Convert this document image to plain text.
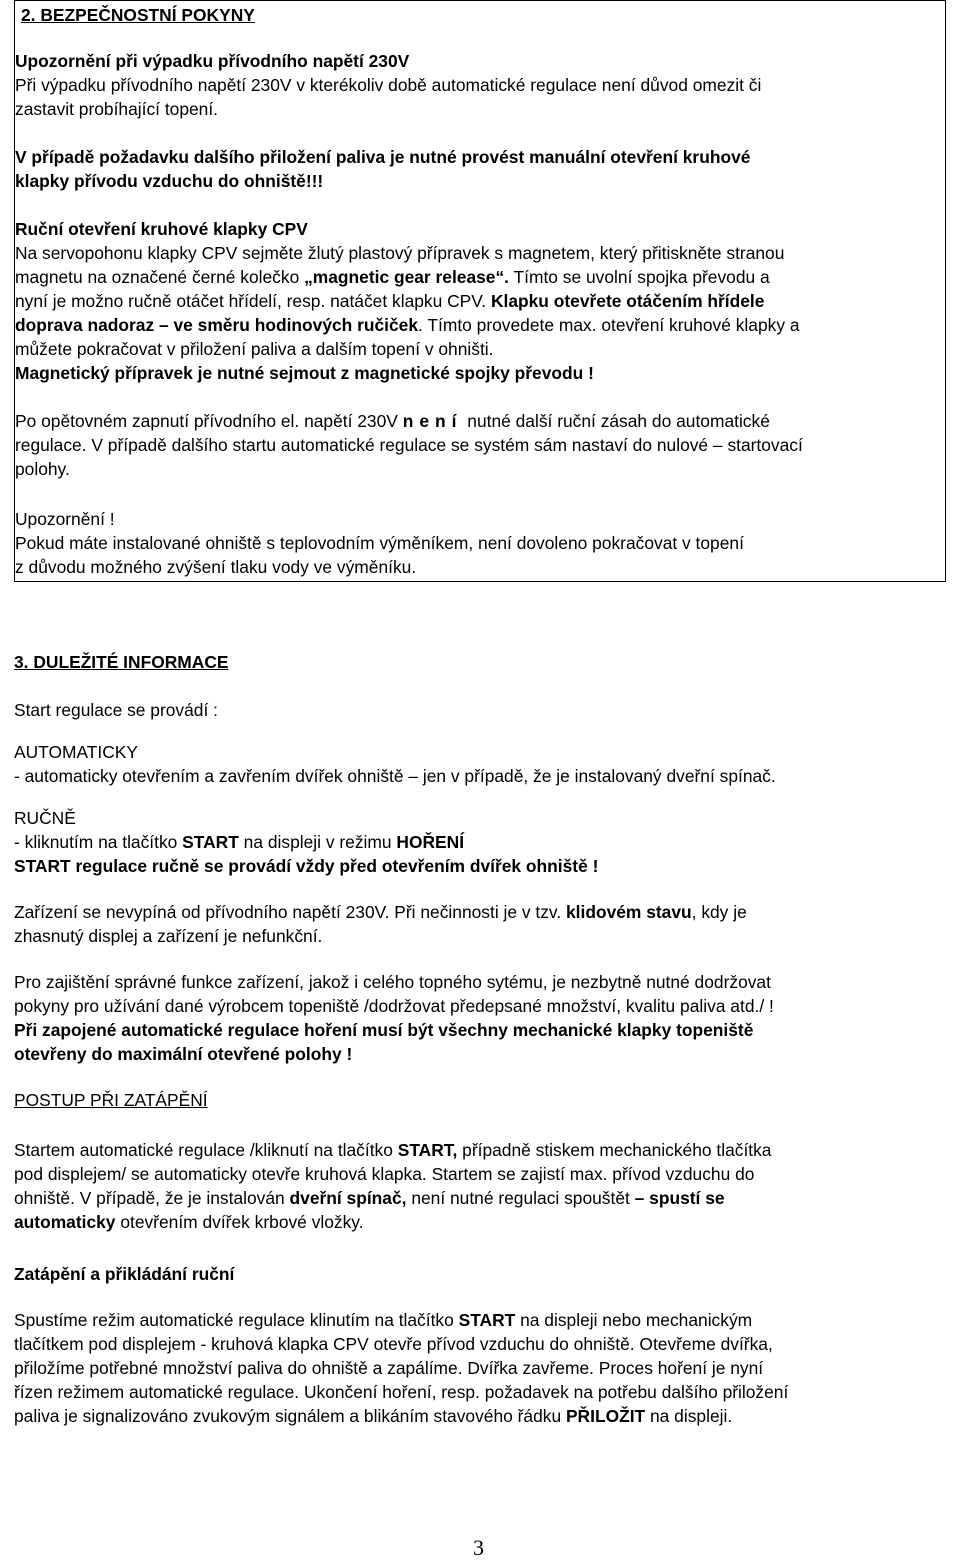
2. BEZPEČNOSTNÍ POKYNY
Upozornění při výpadku přívodního napětí 230V
Při výpadku přívodního napětí 230V v kterékoliv době automatické regulace není důvod omezit či
zastavit probíhající topení.
V případě požadavku dalšího přiložení paliva je nutné provést manuální otevření kruhové
klapky přívodu vzduchu do ohniště!!!
Ruční otevření kruhové klapky CPV
Na servopohonu klapky CPV sejměte žlutý plastový přípravek s magnetem, který přitiskněte stranou
magnetu na označené černé kolečko „magnetic gear release“. Tímto se uvolní spojka převodu a
nyní je možno ručně otáčet hřídelí, resp. natáčet klapku CPV. Klapku otevřete otáčením hřídele
doprava nadoraz – ve směru hodinových ručiček. Tímto provedete max. otevření kruhové klapky a
můžete pokračovat v přiložení paliva a dalším topení v ohništi.
Magnetický přípravek je nutné sejmout z magnetické spojky převodu !
Po opětovném zapnutí přívodního el. napětí 230V není nutné další ruční zásah do automatické
regulace. V případě dalšího startu automatické regulace se systém sám nastaví do nulové – startovací
polohy.
Upozornění !
Pokud máte instalované ohniště s teplovodním výměníkem, není dovoleno pokračovat v topení
z důvodu možného zvýšení tlaku vody ve výměníku.
3. DULEŽITÉ INFORMACE
Start regulace se provádí :
AUTOMATICKY
- automaticky otevřením a zavřením dvířek ohniště – jen v případě, že je instalovaný dveřní spínač.
RUČNĚ
- kliknutím na tlačítko START na displeji v režimu HOŘENÍ
START regulace ručně se provádí vždy před otevřením dvířek ohniště !
Zařízení se nevypíná od přívodního napětí 230V. Při nečinnosti je v tzv. klidovém stavu, kdy je
zhasnutý displej a zařízení je nefunkční.
Pro zajištění správné funkce zařízení, jakož i celého topného sytému, je nezbytně nutné dodržovat
pokyny pro užívání dané výrobcem topeniště /dodržovat předepsané množství, kvalitu paliva atd./ !
Při zapojené automatické regulace hoření musí být všechny mechanické klapky topeniště
otevřeny do maximální otevřené polohy !
POSTUP PŘI ZATÁPĚNÍ
Startem automatické regulace /kliknutí na tlačítko START, případně stiskem mechanického tlačítka
pod displejem/ se automaticky otevře kruhová klapka. Startem se zajistí max. přívod vzduchu do
ohniště. V případě, že je instalován dveřní spínač, není nutné regulaci spouštět – spustí se
automaticky otevřením dvířek krbové vložky.
Zatápění a přikládání ruční
Spustíme režim automatické regulace klinutím na tlačítko START na displeji nebo mechanickým
tlačítkem pod displejem - kruhová klapka CPV otevře přívod vzduchu do ohniště. Otevřeme dvířka,
přiložíme potřebné množství paliva do ohniště a zapálíme. Dvířka zavřeme. Proces hoření je nyní
řízen režimem automatické regulace. Ukončení hoření, resp. požadavek na potřebu dalšího přiložení
paliva je signalizováno zvukovým signálem a blikáním stavového řádku PŘILOŽIT na displeji.
3
